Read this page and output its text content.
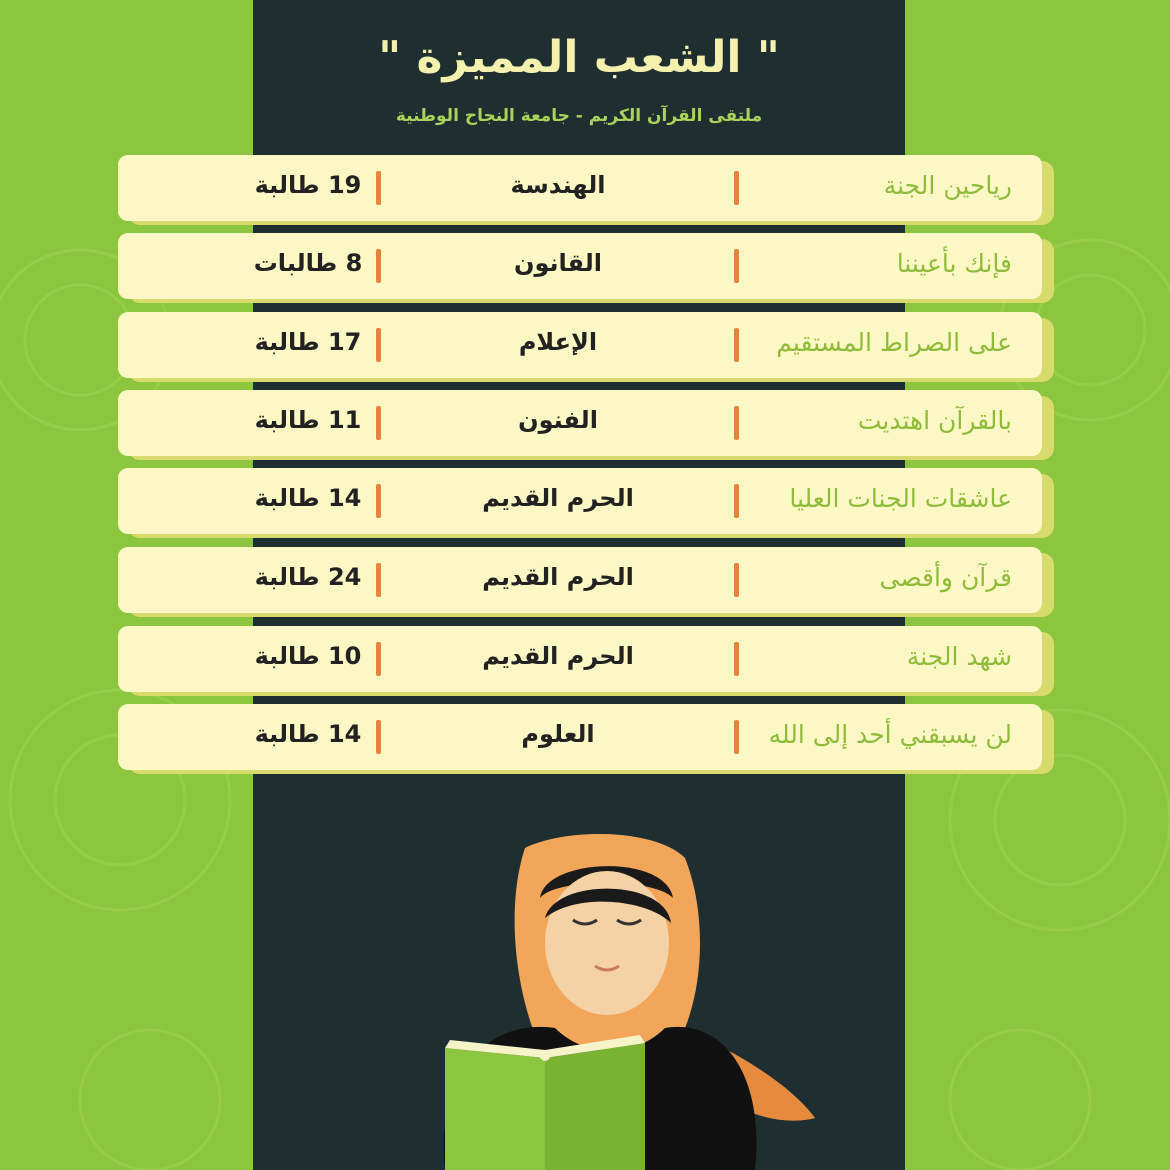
" الشعب المميزة "
ملتقى القرآن الكريم - جامعة النجاح الوطنية
19 طالبة	الهندسة	رياحين الجنة
8 طالبات	القانون	فإنك بأعيننا
17 طالبة	الإعلام	على الصراط المستقيم
11 طالبة	الفنون	بالقرآن اهتديت
14 طالبة	الحرم القديم	عاشقات الجنات العليا
24 طالبة	الحرم القديم	قرآن وأقصى
10 طالبة	الحرم القديم	شهد الجنة
14 طالبة	العلوم	لن يسبقني أحد إلى الله
